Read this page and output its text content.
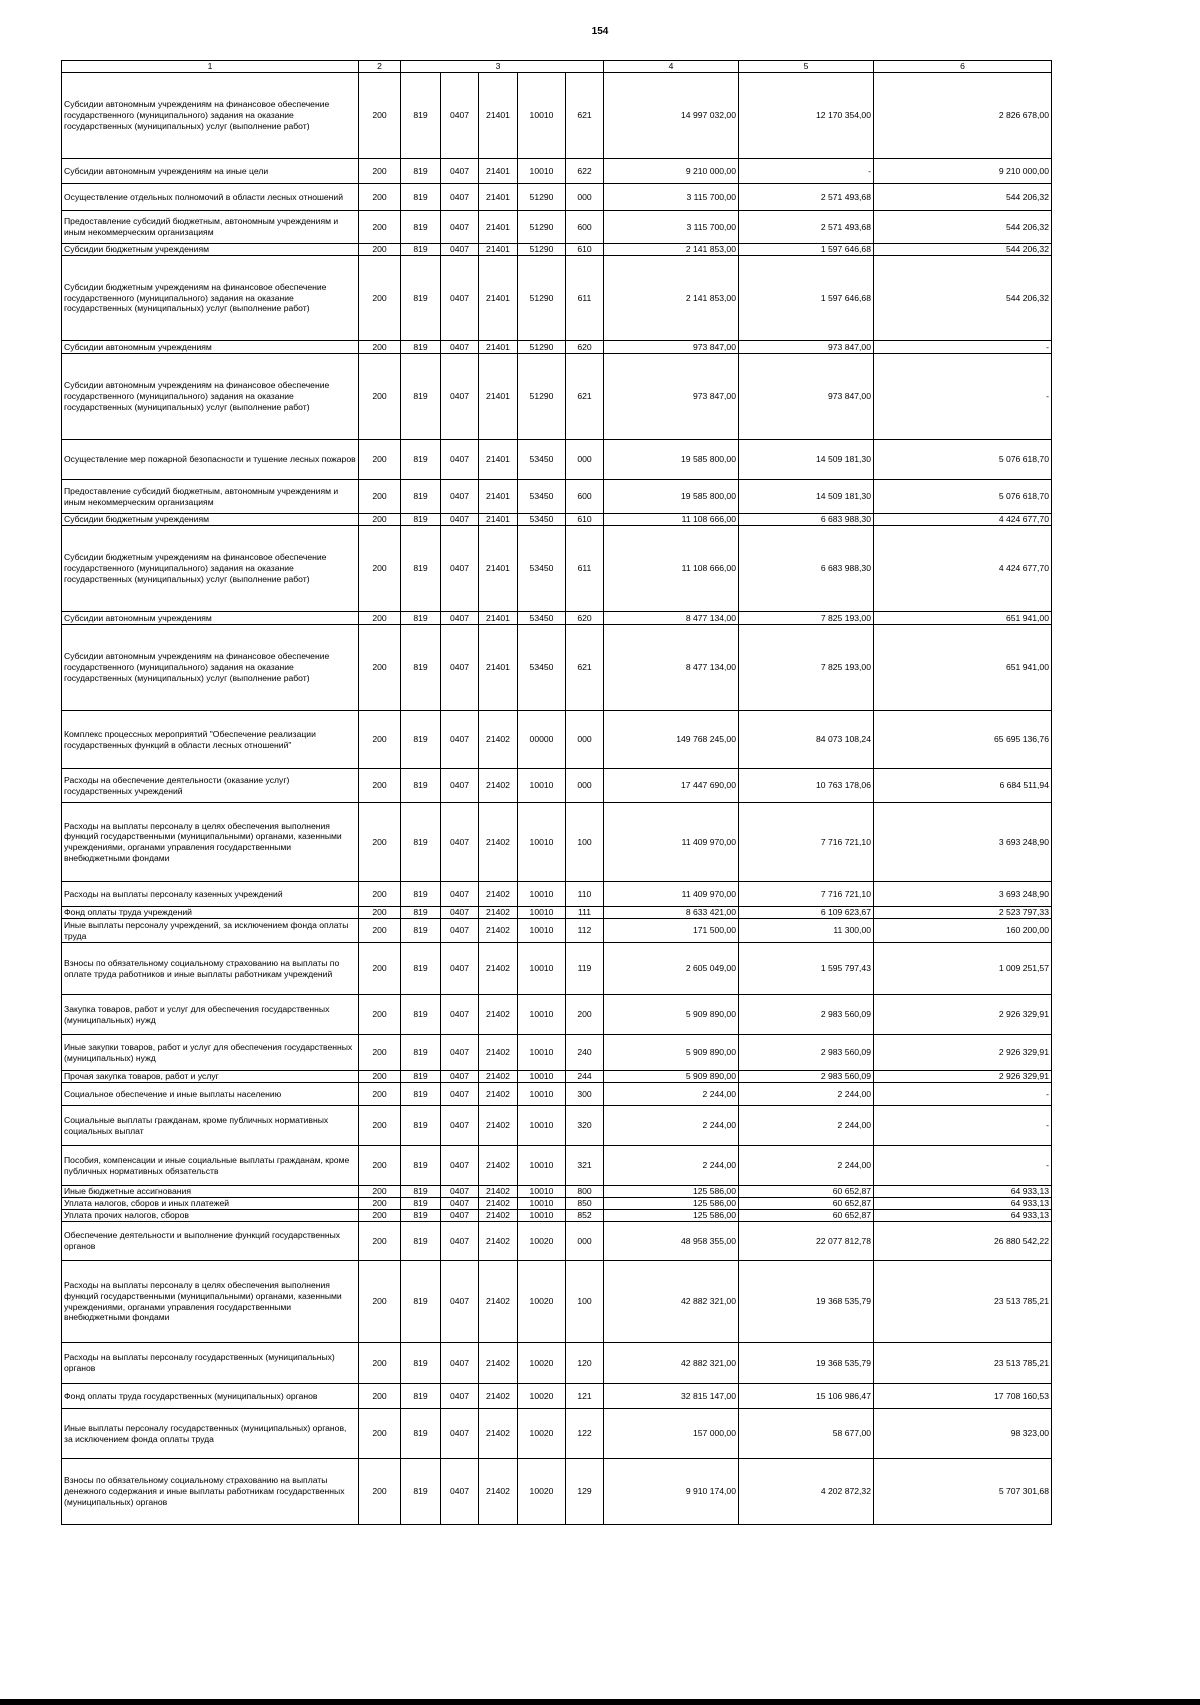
154
1	2			3			4	5	6
Субсидии автономным учреждениям на финансовое обеспечение государственного (муниципального) задания на оказание государственных (муниципальных) услуг (выполнение работ)	200	819	0407	21401	10010	621	14 997 032,00	12 170 354,00	2 826 678,00
Субсидии автономным учреждениям на иные цели	200	819	0407	21401	10010	622	9 210 000,00	-	9 210 000,00
Осуществление отдельных полномочий в области лесных отношений	200	819	0407	21401	51290	000	3 115 700,00	2 571 493,68	544 206,32
Предоставление субсидий бюджетным, автономным учреждениям и иным некоммерческим организациям	200	819	0407	21401	51290	600	3 115 700,00	2 571 493,68	544 206,32
Субсидии бюджетным учреждениям	200	819	0407	21401	51290	610	2 141 853,00	1 597 646,68	544 206,32
Субсидии бюджетным учреждениям на финансовое обеспечение государственного (муниципального) задания на оказание государственных (муниципальных) услуг (выполнение работ)	200	819	0407	21401	51290	611	2 141 853,00	1 597 646,68	544 206,32
Субсидии автономным учреждениям	200	819	0407	21401	51290	620	973 847,00	973 847,00	-
Субсидии автономным учреждениям на финансовое обеспечение государственного (муниципального) задания на оказание государственных (муниципальных) услуг (выполнение работ)	200	819	0407	21401	51290	621	973 847,00	973 847,00	-
Осуществление мер пожарной безопасности и тушение лесных пожаров	200	819	0407	21401	53450	000	19 585 800,00	14 509 181,30	5 076 618,70
Предоставление субсидий бюджетным, автономным учреждениям и иным некоммерческим организациям	200	819	0407	21401	53450	600	19 585 800,00	14 509 181,30	5 076 618,70
Субсидии бюджетным учреждениям	200	819	0407	21401	53450	610	11 108 666,00	6 683 988,30	4 424 677,70
Субсидии бюджетным учреждениям на финансовое обеспечение государственного (муниципального) задания на оказание государственных (муниципальных) услуг (выполнение работ)	200	819	0407	21401	53450	611	11 108 666,00	6 683 988,30	4 424 677,70
Субсидии автономным учреждениям	200	819	0407	21401	53450	620	8 477 134,00	7 825 193,00	651 941,00
Субсидии автономным учреждениям на финансовое обеспечение государственного (муниципального) задания на оказание государственных (муниципальных) услуг (выполнение работ)	200	819	0407	21401	53450	621	8 477 134,00	7 825 193,00	651 941,00
Комплекс процессных мероприятий "Обеспечение реализации государственных функций в области лесных отношений"	200	819	0407	21402	00000	000	149 768 245,00	84 073 108,24	65 695 136,76
Расходы на обеспечение деятельности (оказание услуг) государственных учреждений	200	819	0407	21402	10010	000	17 447 690,00	10 763 178,06	6 684 511,94
Расходы на выплаты персоналу в целях обеспечения выполнения функций государственными (муниципальными) органами, казенными учреждениями, органами управления государственными внебюджетными фондами	200	819	0407	21402	10010	100	11 409 970,00	7 716 721,10	3 693 248,90
Расходы на выплаты персоналу казенных учреждений	200	819	0407	21402	10010	110	11 409 970,00	7 716 721,10	3 693 248,90
Фонд оплаты труда учреждений	200	819	0407	21402	10010	111	8 633 421,00	6 109 623,67	2 523 797,33
Иные выплаты персоналу учреждений, за исключением фонда оплаты труда	200	819	0407	21402	10010	112	171 500,00	11 300,00	160 200,00
Взносы по обязательному социальному страхованию на выплаты по оплате труда работников и иные выплаты работникам учреждений	200	819	0407	21402	10010	119	2 605 049,00	1 595 797,43	1 009 251,57
Закупка товаров, работ и услуг для обеспечения государственных (муниципальных) нужд	200	819	0407	21402	10010	200	5 909 890,00	2 983 560,09	2 926 329,91
Иные закупки товаров, работ и услуг для обеспечения государственных (муниципальных) нужд	200	819	0407	21402	10010	240	5 909 890,00	2 983 560,09	2 926 329,91
Прочая закупка товаров, работ и услуг	200	819	0407	21402	10010	244	5 909 890,00	2 983 560,09	2 926 329,91
Социальное обеспечение и иные выплаты населению	200	819	0407	21402	10010	300	2 244,00	2 244,00	-
Социальные выплаты гражданам, кроме публичных нормативных социальных выплат	200	819	0407	21402	10010	320	2 244,00	2 244,00	-
Пособия, компенсации и иные социальные выплаты гражданам, кроме публичных нормативных обязательств	200	819	0407	21402	10010	321	2 244,00	2 244,00	-
Иные бюджетные ассигнования	200	819	0407	21402	10010	800	125 586,00	60 652,87	64 933,13
Уплата налогов, сборов и иных платежей	200	819	0407	21402	10010	850	125 586,00	60 652,87	64 933,13
Уплата прочих налогов, сборов	200	819	0407	21402	10010	852	125 586,00	60 652,87	64 933,13
Обеспечение деятельности и выполнение функций государственных органов	200	819	0407	21402	10020	000	48 958 355,00	22 077 812,78	26 880 542,22
Расходы на выплаты персоналу в целях обеспечения выполнения функций государственными (муниципальными) органами, казенными учреждениями, органами управления государственными внебюджетными фондами	200	819	0407	21402	10020	100	42 882 321,00	19 368 535,79	23 513 785,21
Расходы на выплаты персоналу государственных (муниципальных) органов	200	819	0407	21402	10020	120	42 882 321,00	19 368 535,79	23 513 785,21
Фонд оплаты труда государственных (муниципальных) органов	200	819	0407	21402	10020	121	32 815 147,00	15 106 986,47	17 708 160,53
Иные выплаты персоналу государственных (муниципальных) органов, за исключением фонда оплаты труда	200	819	0407	21402	10020	122	157 000,00	58 677,00	98 323,00
Взносы по обязательному социальному страхованию на выплаты денежного содержания и иные выплаты работникам государственных (муниципальных) органов	200	819	0407	21402	10020	129	9 910 174,00	4 202 872,32	5 707 301,68
